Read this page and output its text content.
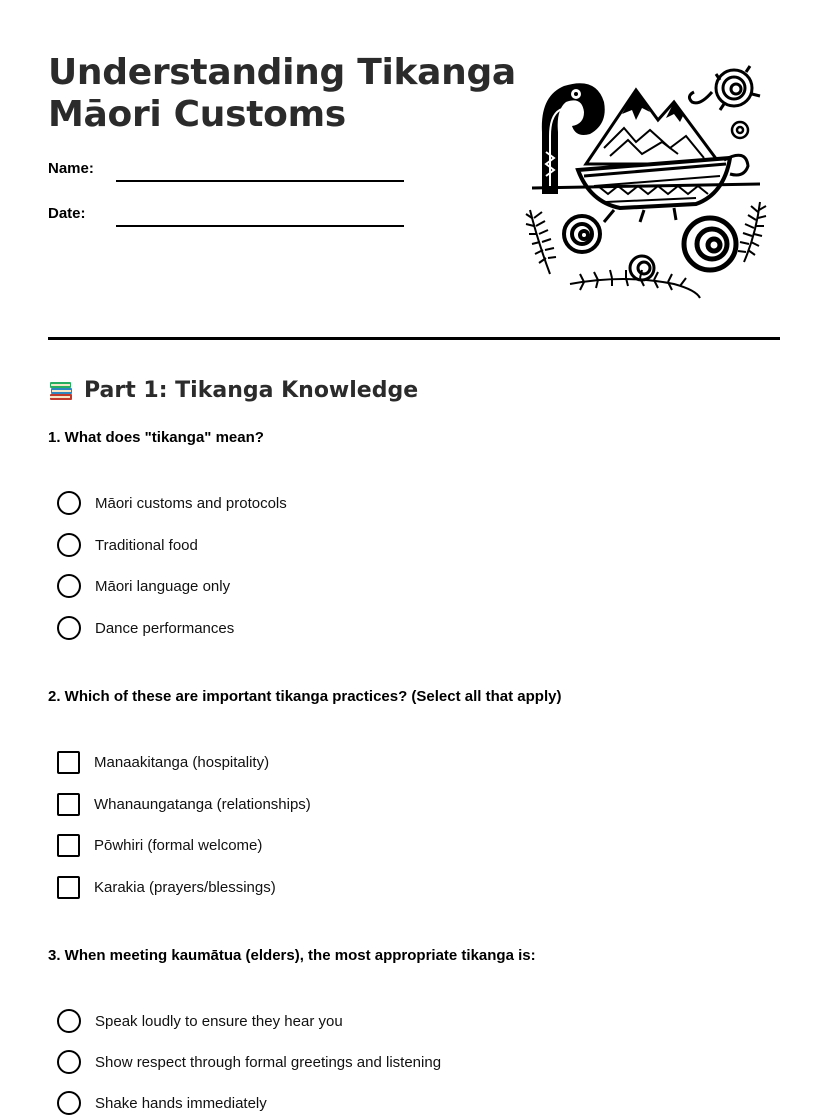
Understanding Tikanga
Māori Customs
Name:
Date:
Part 1: Tikanga Knowledge
1. What does "tikanga" mean?
Māori customs and protocols
Traditional food
Māori language only
Dance performances
2. Which of these are important tikanga practices? (Select all that apply)
Manaakitanga (hospitality)
Whanaungatanga (relationships)
Pōwhiri (formal welcome)
Karakia (prayers/blessings)
3. When meeting kaumātua (elders), the most appropriate tikanga is:
Speak loudly to ensure they hear you
Show respect through formal greetings and listening
Shake hands immediately
